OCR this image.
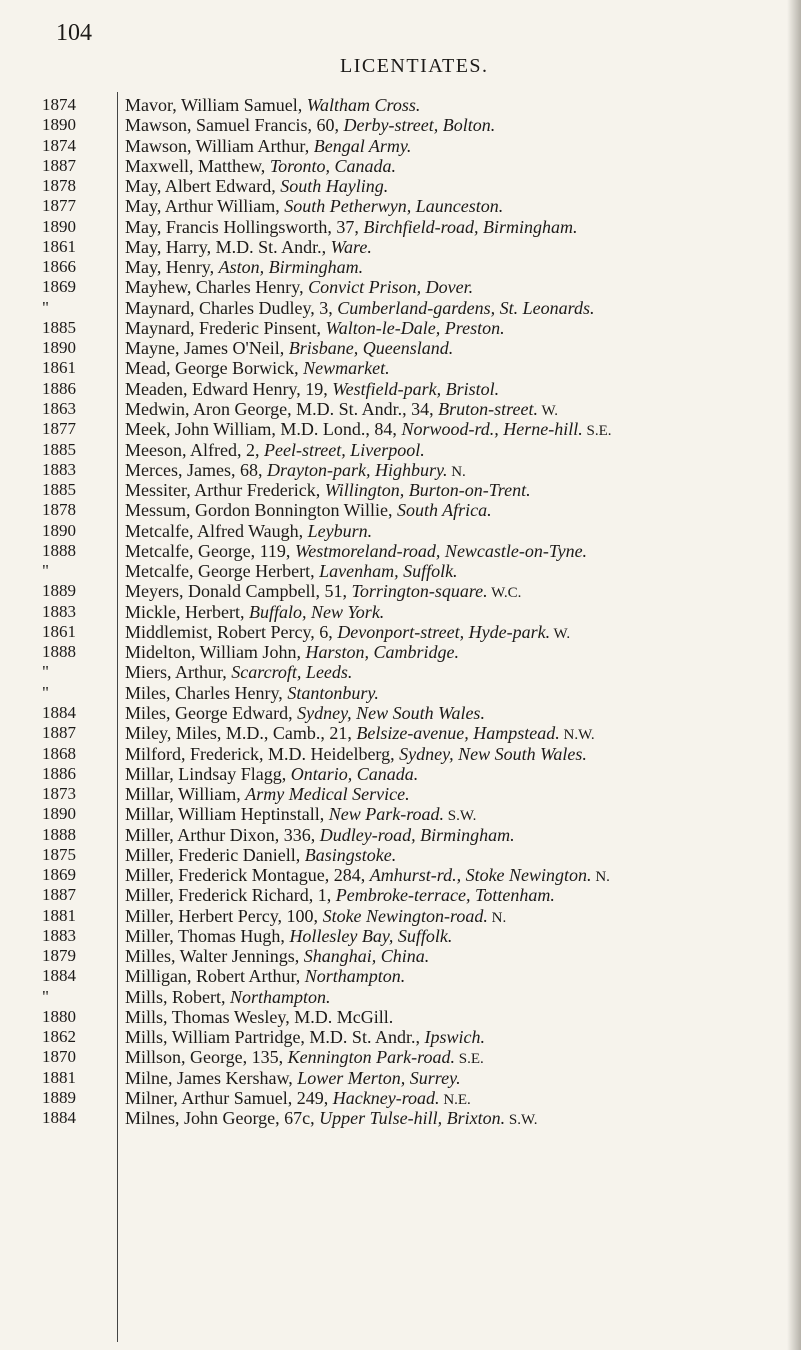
104
LICENTIATES.
1874
1890
1874
1887
1878
1877
1890
1861
1866
1869
"
1885
1890
1861
1886
1863
1877
1885
1883
1885
1878
1890
1888
"
1889
1883
1861
1888
"
"
1884
1887
1868
1886
1873
1890
1888
1875
1869
1887
1881
1883
1879
1884
"
1880
1862
1870
1881
1889
1884
Mavor, William Samuel, Waltham Cross.
Mawson, Samuel Francis, 60, Derby-street, Bolton.
Mawson, William Arthur, Bengal Army.
Maxwell, Matthew, Toronto, Canada.
May, Albert Edward, South Hayling.
May, Arthur William, South Petherwyn, Launceston.
May, Francis Hollingsworth, 37, Birchfield-road, Birmingham.
May, Harry, M.D. St. Andr., Ware.
May, Henry, Aston, Birmingham.
Mayhew, Charles Henry, Convict Prison, Dover.
Maynard, Charles Dudley, 3, Cumberland-gardens, St. Leonards.
Maynard, Frederic Pinsent, Walton-le-Dale, Preston.
Mayne, James O'Neil, Brisbane, Queensland.
Mead, George Borwick, Newmarket.
Meaden, Edward Henry, 19, Westfield-park, Bristol.
Medwin, Aron George, M.D. St. Andr., 34, Bruton-street. W.
Meek, John William, M.D. Lond., 84, Norwood-rd., Herne-hill. S.E.
Meeson, Alfred, 2, Peel-street, Liverpool.
Merces, James, 68, Drayton-park, Highbury. N.
Messiter, Arthur Frederick, Willington, Burton-on-Trent.
Messum, Gordon Bonnington Willie, South Africa.
Metcalfe, Alfred Waugh, Leyburn.
Metcalfe, George, 119, Westmoreland-road, Newcastle-on-Tyne.
Metcalfe, George Herbert, Lavenham, Suffolk.
Meyers, Donald Campbell, 51, Torrington-square. W.C.
Mickle, Herbert, Buffalo, New York.
Middlemist, Robert Percy, 6, Devonport-street, Hyde-park. W.
Midelton, William John, Harston, Cambridge.
Miers, Arthur, Scarcroft, Leeds.
Miles, Charles Henry, Stantonbury.
Miles, George Edward, Sydney, New South Wales.
Miley, Miles, M.D., Camb., 21, Belsize-avenue, Hampstead. N.W.
Milford, Frederick, M.D. Heidelberg, Sydney, New South Wales.
Millar, Lindsay Flagg, Ontario, Canada.
Millar, William, Army Medical Service.
Millar, William Heptinstall, New Park-road. S.W.
Miller, Arthur Dixon, 336, Dudley-road, Birmingham.
Miller, Frederic Daniell, Basingstoke.
Miller, Frederick Montague, 284, Amhurst-rd., Stoke Newington. N.
Miller, Frederick Richard, 1, Pembroke-terrace, Tottenham.
Miller, Herbert Percy, 100, Stoke Newington-road. N.
Miller, Thomas Hugh, Hollesley Bay, Suffolk.
Milles, Walter Jennings, Shanghai, China.
Milligan, Robert Arthur, Northampton.
Mills, Robert, Northampton.
Mills, Thomas Wesley, M.D. McGill.
Mills, William Partridge, M.D. St. Andr., Ipswich.
Millson, George, 135, Kennington Park-road. S.E.
Milne, James Kershaw, Lower Merton, Surrey.
Milner, Arthur Samuel, 249, Hackney-road. N.E.
Milnes, John George, 67c, Upper Tulse-hill, Brixton. S.W.
